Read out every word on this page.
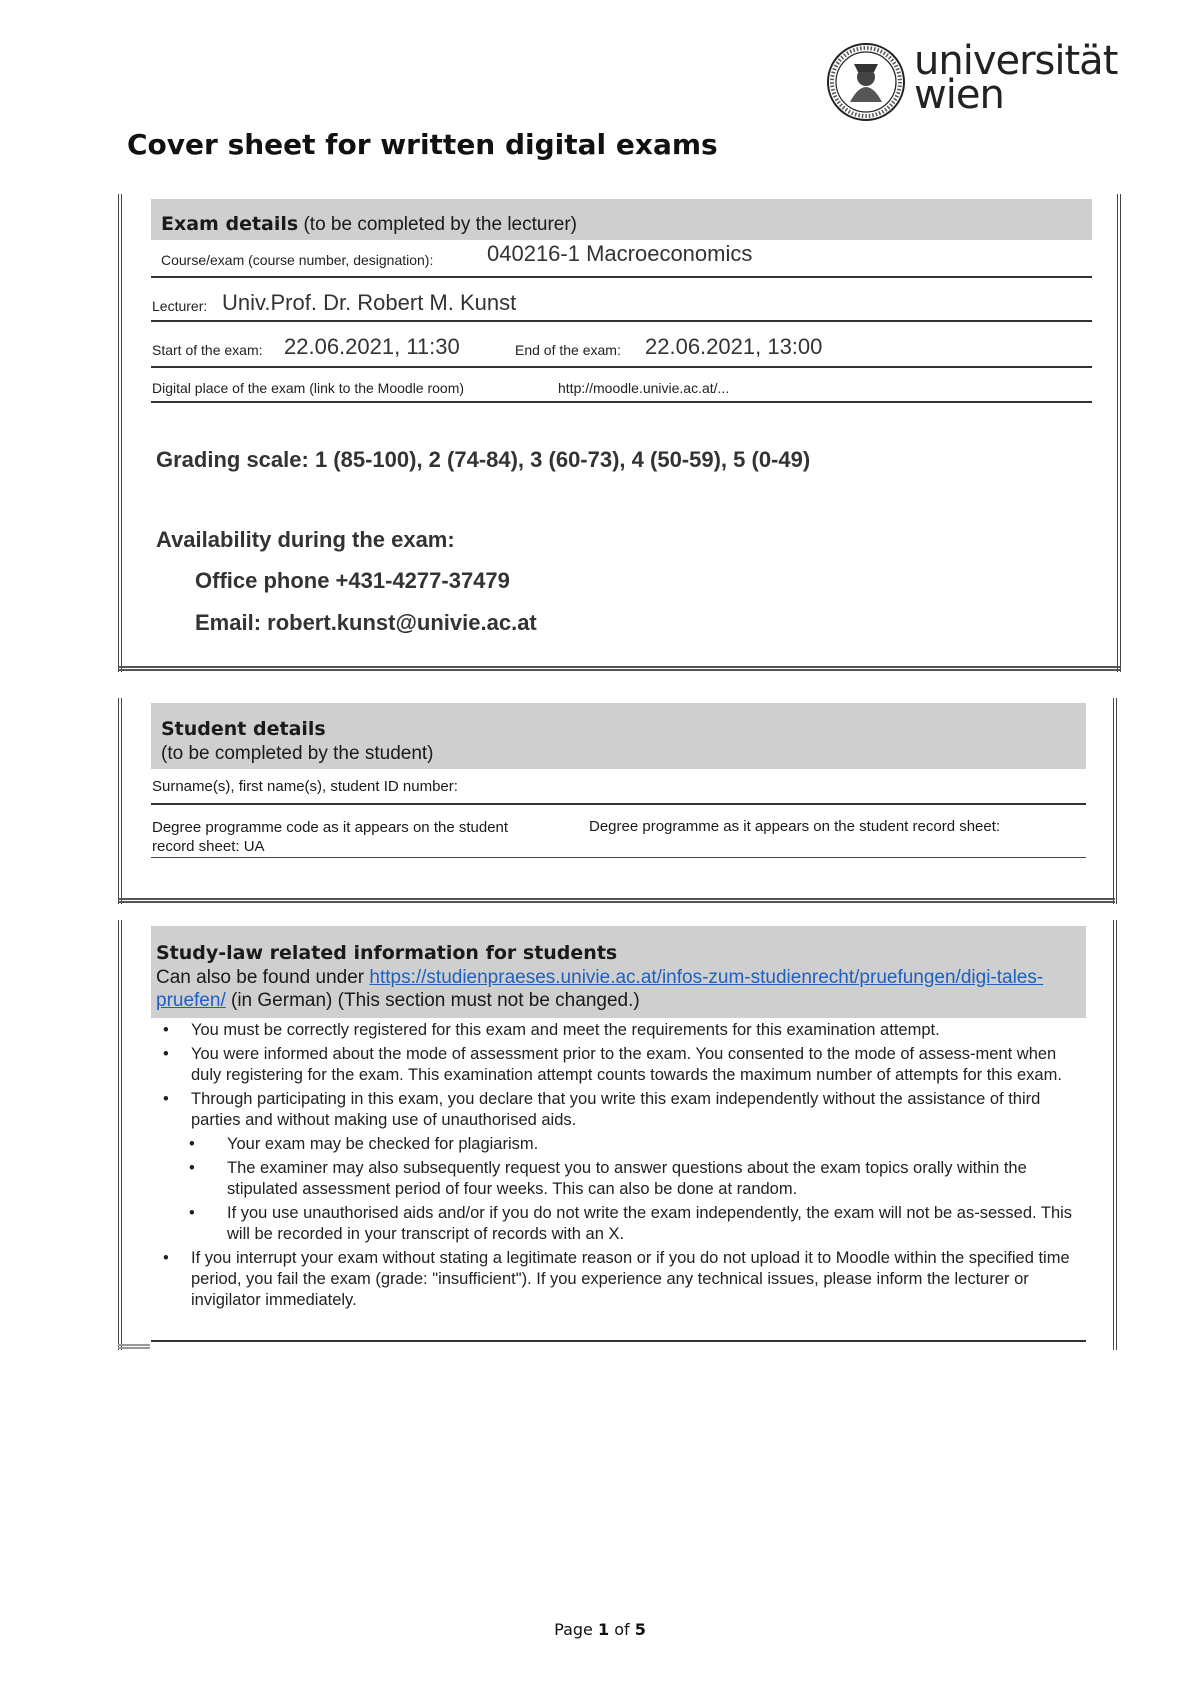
universität
wien
Cover sheet for written digital exams
Exam details (to be completed by the lecturer)
Course/exam (course number, designation): 040216-1 Macroeconomics
Lecturer: Univ.Prof. Dr. Robert M. Kunst
Start of the exam: 22.06.2021, 11:30	End of the exam: 22.06.2021, 13:00
Digital place of the exam (link to the Moodle room)	http://moodle.univie.ac.at/...
Grading scale: 1 (85-100), 2 (74-84), 3 (60-73), 4 (50-59), 5 (0-49)
Availability during the exam:
Office phone +431-4277-37479
Email: robert.kunst@univie.ac.at
Student details
(to be completed by the student)
Surname(s), first name(s), student ID number:
Degree programme code as it appears on the student record sheet: UA
Degree programme as it appears on the student record sheet:
Study-law related information for students
Can also be found under https://studienpraeses.univie.ac.at/infos-zum-studienrecht/pruefungen/digi-tales-pruefen/ (in German) (This section must not be changed.)
• You must be correctly registered for this exam and meet the requirements for this examination attempt.
• You were informed about the mode of assessment prior to the exam. You consented to the mode of assess-ment when duly registering for the exam. This examination attempt counts towards the maximum number of attempts for this exam.
• Through participating in this exam, you declare that you write this exam independently without the assistance of third parties and without making use of unauthorised aids.
• Your exam may be checked for plagiarism.
• The examiner may also subsequently request you to answer questions about the exam topics orally within the stipulated assessment period of four weeks. This can also be done at random.
• If you use unauthorised aids and/or if you do not write the exam independently, the exam will not be as-sessed. This will be recorded in your transcript of records with an X.
• If you interrupt your exam without stating a legitimate reason or if you do not upload it to Moodle within the specified time period, you fail the exam (grade: "insufficient"). If you experience any technical issues, please inform the lecturer or invigilator immediately.
Page 1 of 5
